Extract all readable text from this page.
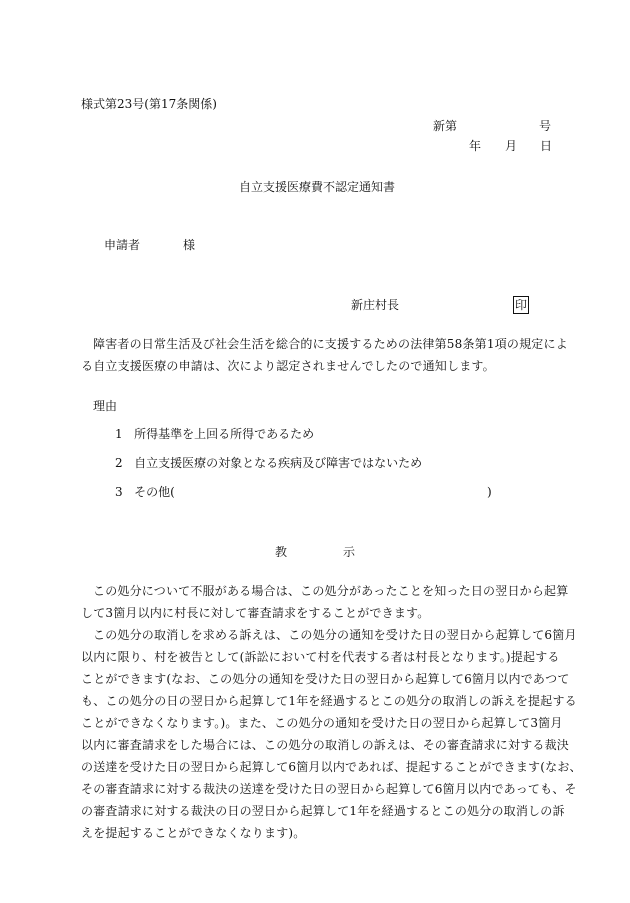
様式第23号(第17条関係)
新第	号
年 月 日
自立支援医療費不認定通知書
申請者	様
新庄村長	印
障害者の日常生活及び社会生活を総合的に支援するための法律第58条第1項の規定によ
る自立支援医療の申請は、次により認定されませんでしたので通知します。
理由
1 所得基準を上回る所得であるため
2 自立支援医療の対象となる疾病及び障害ではないため
3 その他(	)
教	示
この処分について不服がある場合は、この処分があったことを知った日の翌日から起算
して3箇月以内に村長に対して審査請求をすることができます。
この処分の取消しを求める訴えは、この処分の通知を受けた日の翌日から起算して6箇月
以内に限り、村を被告として(訴訟において村を代表する者は村長となります。)提起する
ことができます(なお、この処分の通知を受けた日の翌日から起算して6箇月以内であつて
も、この処分の日の翌日から起算して1年を経過するとこの処分の取消しの訴えを提起する
ことができなくなります。)。また、この処分の通知を受けた日の翌日から起算して3箇月
以内に審査請求をした場合には、この処分の取消しの訴えは、その審査請求に対する裁決
の送達を受けた日の翌日から起算して6箇月以内であれば、提起することができます(なお、
その審査請求に対する裁決の送達を受けた日の翌日から起算して6箇月以内であっても、そ
の審査請求に対する裁決の日の翌日から起算して1年を経過するとこの処分の取消しの訴
えを提起することができなくなります)。
